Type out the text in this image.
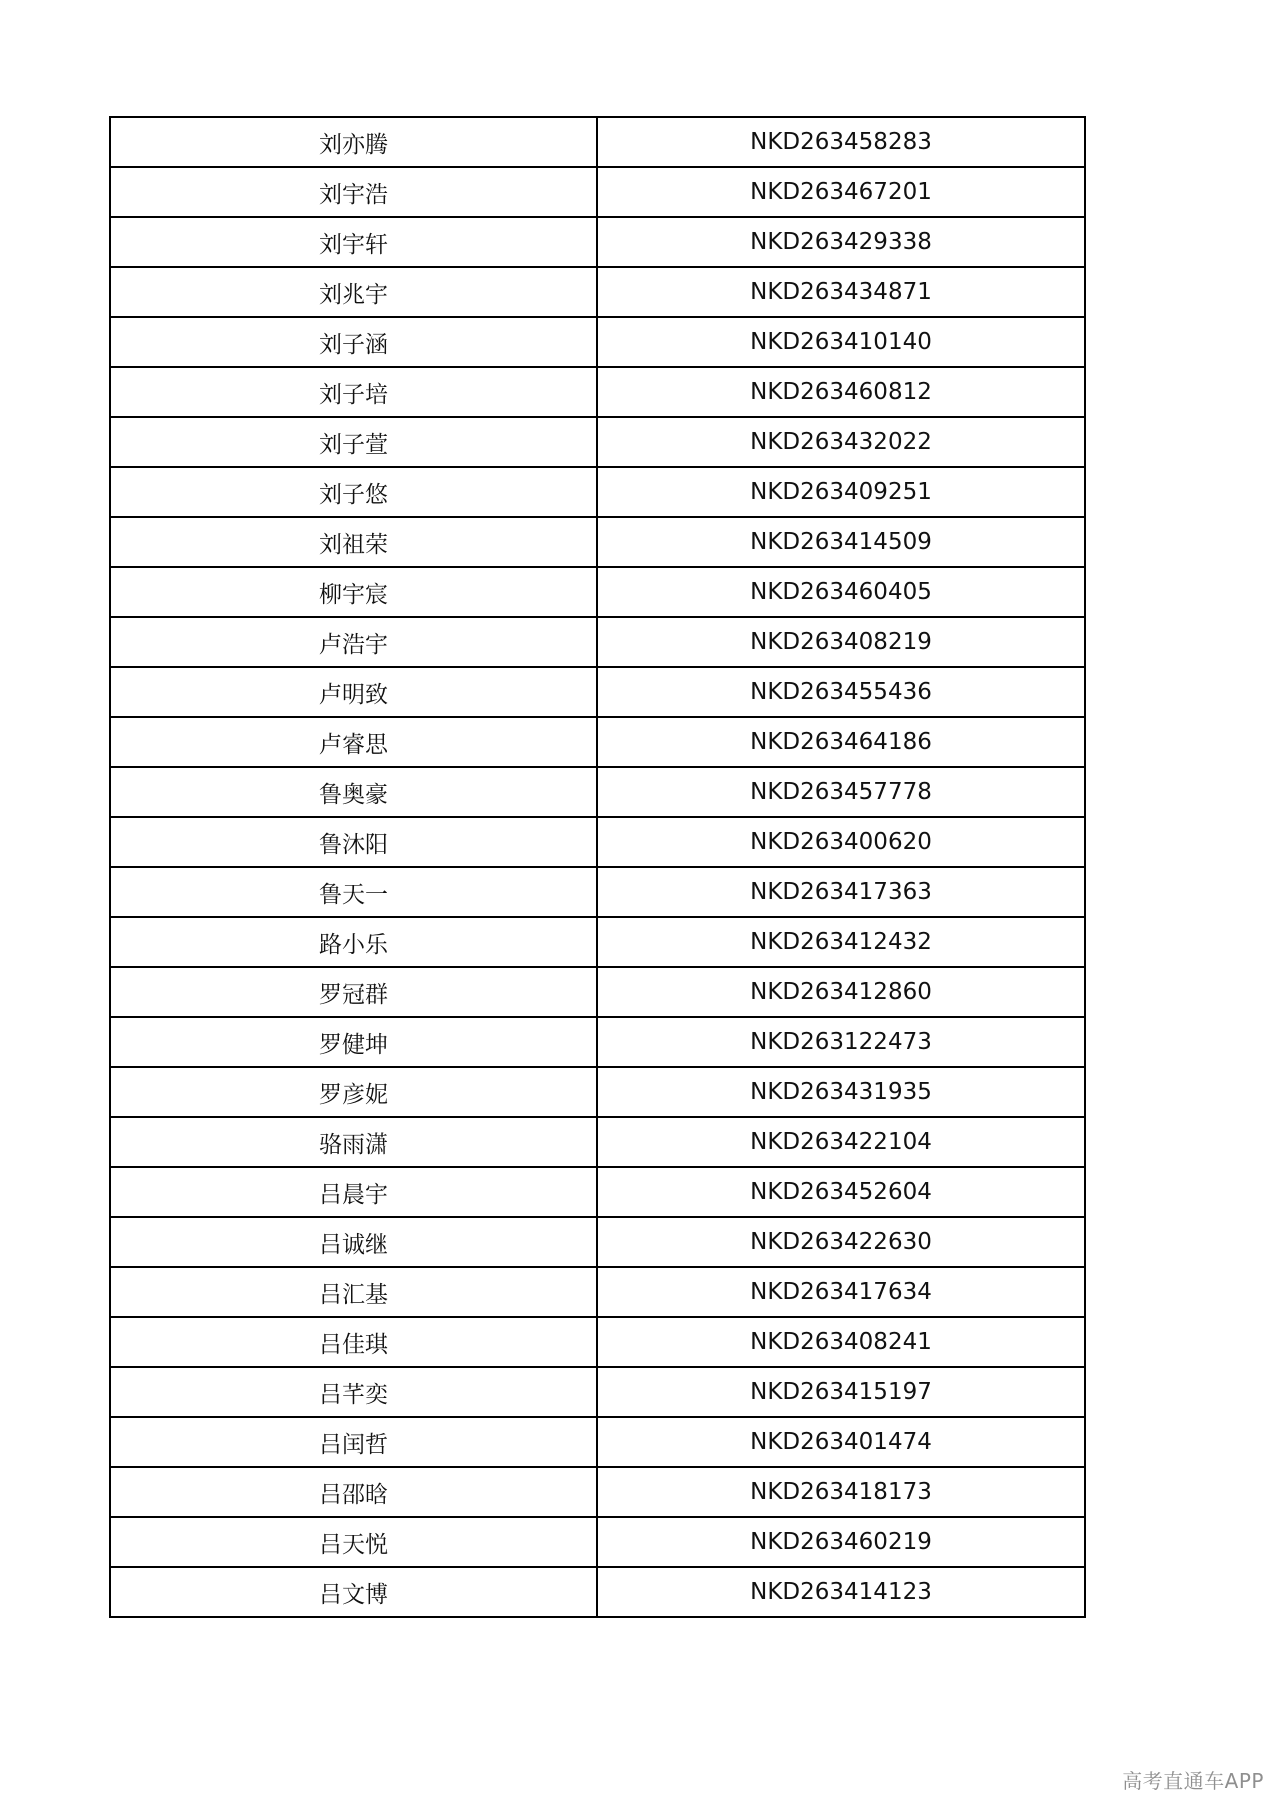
刘亦腾	NKD263458283
刘宇浩	NKD263467201
刘宇轩	NKD263429338
刘兆宇	NKD263434871
刘子涵	NKD263410140
刘子培	NKD263460812
刘子萱	NKD263432022
刘子悠	NKD263409251
刘祖荣	NKD263414509
柳宇宸	NKD263460405
卢浩宇	NKD263408219
卢明致	NKD263455436
卢睿思	NKD263464186
鲁奥豪	NKD263457778
鲁沐阳	NKD263400620
鲁天一	NKD263417363
路小乐	NKD263412432
罗冠群	NKD263412860
罗健坤	NKD263122473
罗彦妮	NKD263431935
骆雨潇	NKD263422104
吕晨宇	NKD263452604
吕诚继	NKD263422630
吕汇基	NKD263417634
吕佳琪	NKD263408241
吕芊奕	NKD263415197
吕闰哲	NKD263401474
吕邵晗	NKD263418173
吕天悦	NKD263460219
吕文博	NKD263414123
高考直通车APP
